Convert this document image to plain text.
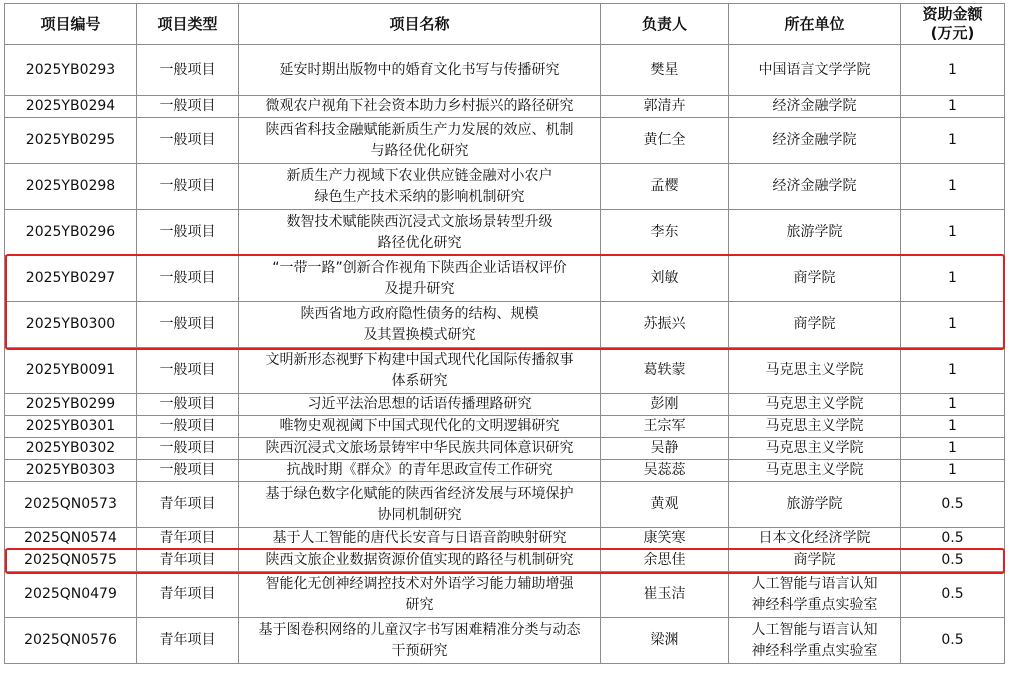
项目编号	项目类型	项目名称	负责人	所在单位	资助金额
(万元)
2025YB0293	一般项目	延安时期出版物中的婚育文化书写与传播研究	樊星	中国语言文学学院	1
2025YB0294	一般项目	微观农户视角下社会资本助力乡村振兴的路径研究	郭清卉	经济金融学院	1
2025YB0295	一般项目	陕西省科技金融赋能新质生产力发展的效应、机制
与路径优化研究	黄仁全	经济金融学院	1
2025YB0298	一般项目	新质生产力视域下农业供应链金融对小农户
绿色生产技术采纳的影响机制研究	孟樱	经济金融学院	1
2025YB0296	一般项目	数智技术赋能陕西沉浸式文旅场景转型升级
路径优化研究	李东	旅游学院	1
2025YB0297	一般项目	“一带一路”创新合作视角下陕西企业话语权评价
及提升研究	刘敏	商学院	1
2025YB0300	一般项目	陕西省地方政府隐性债务的结构、规模
及其置换模式研究	苏振兴	商学院	1
2025YB0091	一般项目	文明新形态视野下构建中国式现代化国际传播叙事
体系研究	葛轶蒙	马克思主义学院	1
2025YB0299	一般项目	习近平法治思想的话语传播理路研究	彭刚	马克思主义学院	1
2025YB0301	一般项目	唯物史观视阈下中国式现代化的文明逻辑研究	王宗军	马克思主义学院	1
2025YB0302	一般项目	陕西沉浸式文旅场景铸牢中华民族共同体意识研究	吴静	马克思主义学院	1
2025YB0303	一般项目	抗战时期《群众》的青年思政宣传工作研究	吴蕊蕊	马克思主义学院	1
2025QN0573	青年项目	基于绿色数字化赋能的陕西省经济发展与环境保护
协同机制研究	黄观	旅游学院	0.5
2025QN0574	青年项目	基于人工智能的唐代长安音与日语音韵映射研究	康笑寒	日本文化经济学院	0.5
2025QN0575	青年项目	陕西文旅企业数据资源价值实现的路径与机制研究	余思佳	商学院	0.5
2025QN0479	青年项目	智能化无创神经调控技术对外语学习能力辅助增强
研究	崔玉洁	人工智能与语言认知
神经科学重点实验室	0.5
2025QN0576	青年项目	基于图卷积网络的儿童汉字书写困难精准分类与动态
干预研究	梁渊	人工智能与语言认知
神经科学重点实验室	0.5
